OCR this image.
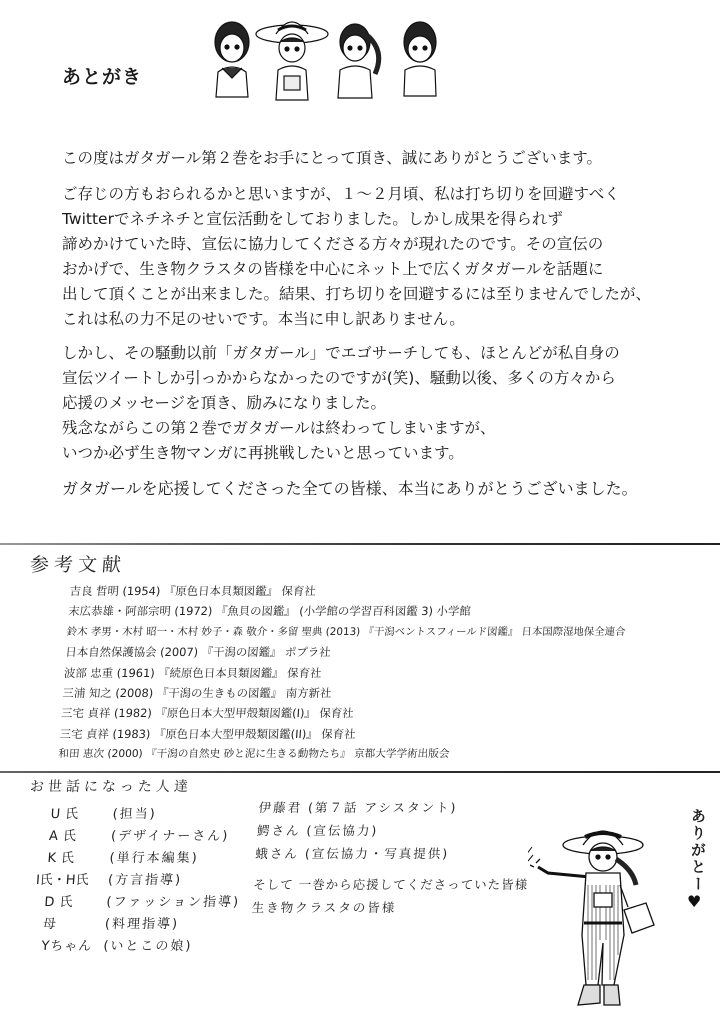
あとがき
この度はガタガール第２巻をお手にとって頂き、誠にありがとうございます。
ご存じの方もおられるかと思いますが、１～２月頃、私は打ち切りを回避すべく
Twitterでネチネチと宣伝活動をしておりました。しかし成果を得られず
諦めかけていた時、宣伝に協力してくださる方々が現れたのです。その宣伝の
おかげで、生き物クラスタの皆様を中心にネット上で広くガタガールを話題に
出して頂くことが出来ました。結果、打ち切りを回避するには至りませんでしたが、
これは私の力不足のせいです。本当に申し訳ありません。
しかし、その騒動以前「ガタガール」でエゴサーチしても、ほとんどが私自身の
宣伝ツイートしか引っかからなかったのですが(笑)、騒動以後、多くの方々から
応援のメッセージを頂き、励みになりました。
残念ながらこの第２巻でガタガールは終わってしまいますが、
いつか必ず生き物マンガに再挑戦したいと思っています。
ガタガールを応援してくださった全ての皆様、本当にありがとうございました。
参考文献
吉良 哲明 (1954) 『原色日本貝類図鑑』 保育社
末広恭雄・阿部宗明 (1972) 『魚貝の図鑑』 (小学館の学習百科図鑑 3) 小学館
鈴木 孝男・木村 昭一・木村 妙子・森 敬介・多留 聖典 (2013) 『干潟ベントスフィールド図鑑』 日本国際湿地保全連合
日本自然保護協会 (2007) 『干潟の図鑑』 ポプラ社
波部 忠重 (1961) 『続原色日本貝類図鑑』 保育社
三浦 知之 (2008) 『干潟の生きもの図鑑』 南方新社
三宅 貞祥 (1982) 『原色日本大型甲殻類図鑑(I)』 保育社
三宅 貞祥 (1983) 『原色日本大型甲殻類図鑑(II)』 保育社
和田 恵次 (2000) 『干潟の自然史 砂と泥に生きる動物たち』 京都大学学術出版会
お世話になった人達
U氏	(担当)
A氏	(デザイナーさん)
K氏	(単行本編集)
I氏・H氏	(方言指導)
D氏	(ファッション指導)
母	(料理指導)
Yちゃん (いとこの娘)
伊藤君 (第７話 アシスタント)
鰐さん (宣伝協力)
蛾さん (宣伝協力・写真提供)
そして 一巻から応援してくださっていた皆様
生き物クラスタの皆様
ありがとー
♥
